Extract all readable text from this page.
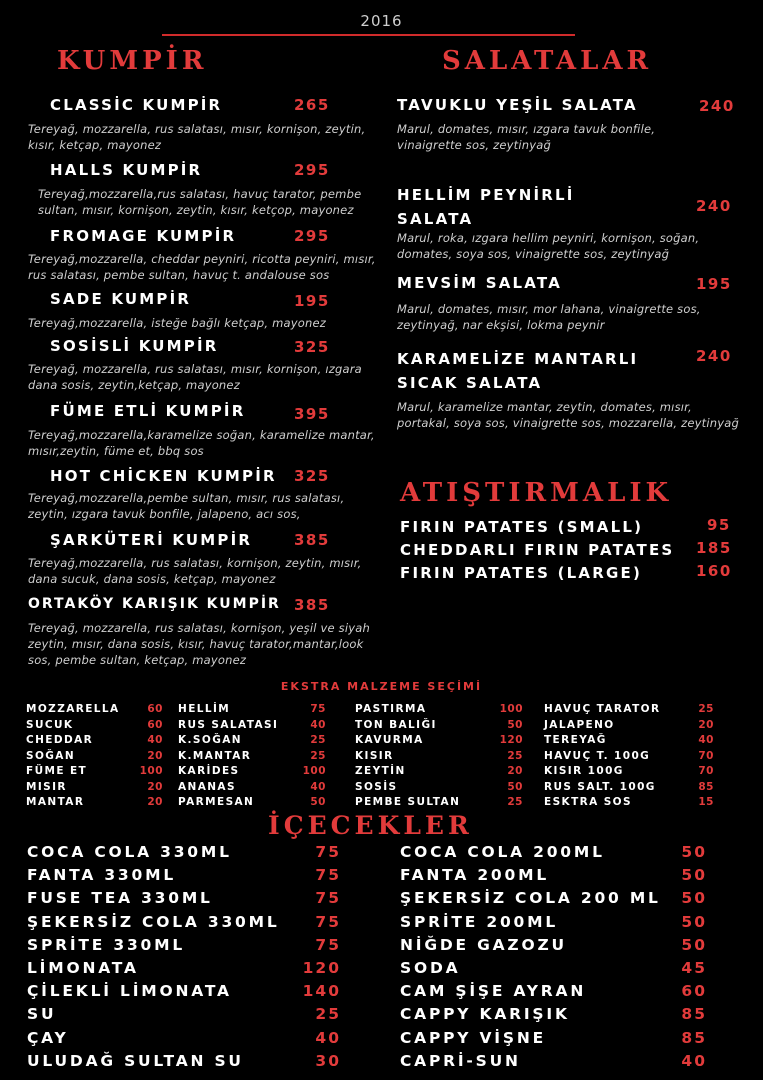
2016
KUMPİR
CLASSİC KUMPİR	265
Tereyağ, mozzarella, rus salatası, mısır, kornişon, zeytin, kısır, ketçap, mayonez
HALLS KUMPİR	295
Tereyağ,mozzarella,rus salatası, havuç tarator, pembe sultan, mısır, kornişon, zeytin, kısır, ketçop, mayonez
FROMAGE KUMPİR	295
Tereyağ,mozzarella, cheddar peyniri, ricotta peyniri, mısır, rus salatası, pembe sultan, havuç t. andalouse sos
SADE KUMPİR	195
Tereyağ,mozzarella, isteğe bağlı ketçap, mayonez
SOSİSLİ KUMPİR	325
Tereyağ, mozzarella, rus salatası, mısır, kornişon, ızgara dana sosis, zeytin,ketçap, mayonez
FÜME ETLİ KUMPİR	395
Tereyağ,mozzarella,karamelize soğan, karamelize mantar, mısır,zeytin, füme et, bbq sos
HOT CHİCKEN KUMPİR 325
Tereyağ,mozzarella,pembe sultan, mısır, rus salatası, zeytin, ızgara tavuk bonfile, jalapeno, acı sos,
ŞARKÜTERİ KUMPİR	385
Tereyağ,mozzarella, rus salatası, kornişon, zeytin, mısır, dana sucuk, dana sosis, ketçap, mayonez
ORTAKÖY KARIŞIK KUMPİR 385
Tereyağ, mozzarella, rus salatası, kornişon, yeşil ve siyah zeytin, mısır, dana sosis, kısır, havuç tarator,mantar,look sos, pembe sultan, ketçap, mayonez
SALATALAR
TAVUKLU YEŞİL SALATA	240
Marul, domates, mısır, ızgara tavuk bonfile, vinaigrette sos, zeytinyağ
HELLİM PEYNİRLİ SALATA
240
Marul, roka, ızgara hellim peyniri, kornişon, soğan, domates, soya sos, vinaigrette sos, zeytinyağ
MEVSİM SALATA	195
Marul, domates, mısır, mor lahana, vinaigrette sos, zeytinyağ, nar ekşisi, lokma peynir
KARAMELİZE MANTARLI SICAK SALATA
240
Marul, karamelize mantar, zeytin, domates, mısır, portakal, soya sos, vinaigrette sos, mozzarella, zeytinyağ
ATIŞTIRMALIK
FIRIN PATATES (SMALL)	95
CHEDDARLI FIRIN PATATES 185
FIRIN PATATES (LARGE)	160
EKSTRA MALZEME SEÇİMİ
MOZZARELLA	60
SUCUK	60
CHEDDAR	40
SOĞAN	20
FÜME ET	100
MISIR	20
MANTAR	20
HELLİM	75
RUS SALATASI	40
K.SOĞAN	25
K.MANTAR	25
KARİDES	100
ANANAS	40
PARMESAN	50
PASTIRMA	100
TON BALIĞI	50
KAVURMA	120
KISIR	25
ZEYTİN	20
SOSİS	50
PEMBE SULTAN	25
HAVUÇ TARATOR	25
JALAPENO	20
TEREYAĞ	40
HAVUÇ T. 100G	70
KISIR 100G	70
RUS SALT. 100G	85
ESKTRA SOS	15
İÇECEKLER
COCA COLA 330ML	75
FANTA 330ML	75
FUSE TEA 330ML	75
ŞEKERSİZ COLA 330ML 75
SPRİTE 330ML	75
LİMONATA	120
ÇİLEKLİ LİMONATA	140
SU	25
ÇAY	40
ULUDAĞ SULTAN SU	30
COCA COLA 200ML	50
FANTA 200ML	50
ŞEKERSİZ COLA 200 ML 50
SPRİTE 200ML	50
NİĞDE GAZOZU	50
SODA	45
CAM ŞİŞE AYRAN	60
CAPPY KARIŞIK	85
CAPPY VİŞNE	85
CAPRİ-SUN	40
